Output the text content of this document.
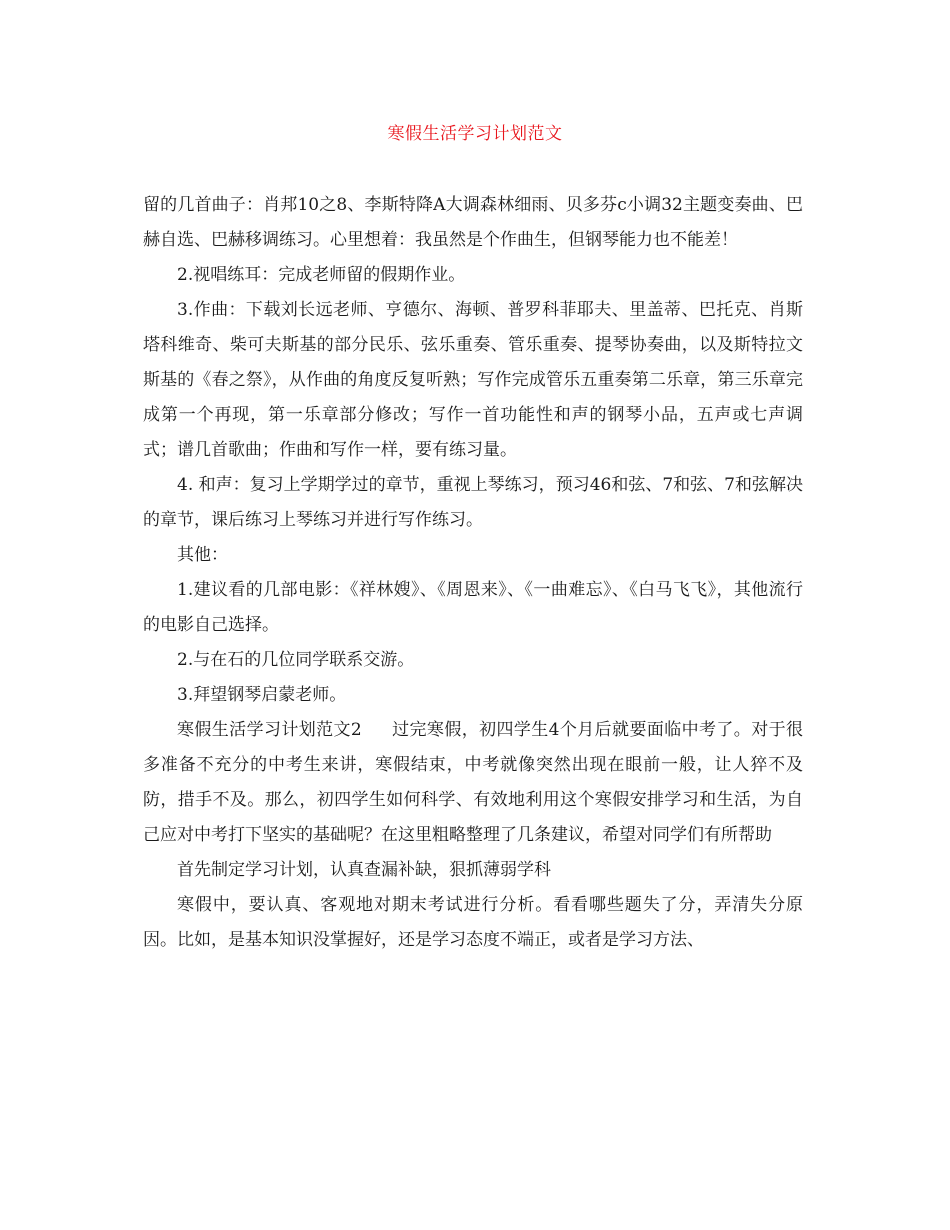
寒假生活学习计划范文

留的几首曲子：肖邦10之8、李斯特降A大调森林细雨、贝多芬c小调32主题变奏曲、巴赫自选、巴赫移调练习。心里想着：我虽然是个作曲生，但钢琴能力也不能差！

2.视唱练耳：完成老师留的假期作业。

3.作曲：下载刘长远老师、亨德尔、海顿、普罗科菲耶夫、里盖蒂、巴托克、肖斯塔科维奇、柴可夫斯基的部分民乐、弦乐重奏、管乐重奏、提琴协奏曲，以及斯特拉文斯基的《春之祭》，从作曲的角度反复听熟；写作完成管乐五重奏第二乐章，第三乐章完成第一个再现，第一乐章部分修改；写作一首功能性和声的钢琴小品，五声或七声调式；谱几首歌曲；作曲和写作一样，要有练习量。

4. 和声：复习上学期学过的章节，重视上琴练习，预习46和弦、7和弦、7和弦解决的章节，课后练习上琴练习并进行写作练习。

其他：

1.建议看的几部电影：《祥林嫂》、《周恩来》、《一曲难忘》、《白马飞飞》，其他流行的电影自己选择。

2.与在石的几位同学联系交游。

3.拜望钢琴启蒙老师。

寒假生活学习计划范文2 过完寒假，初四学生4个月后就要面临中考了。对于很多准备不充分的中考生来讲，寒假结束，中考就像突然出现在眼前一般，让人猝不及防，措手不及。那么，初四学生如何科学、有效地利用这个寒假安排学习和生活，为自己应对中考打下坚实的基础呢？在这里粗略整理了几条建议，希望对同学们有所帮助

首先制定学习计划，认真查漏补缺，狠抓薄弱学科

寒假中，要认真、客观地对期末考试进行分析。看看哪些题失了分，弄清失分原因。比如，是基本知识没掌握好，还是学习态度不端正，或者是学习方法、
